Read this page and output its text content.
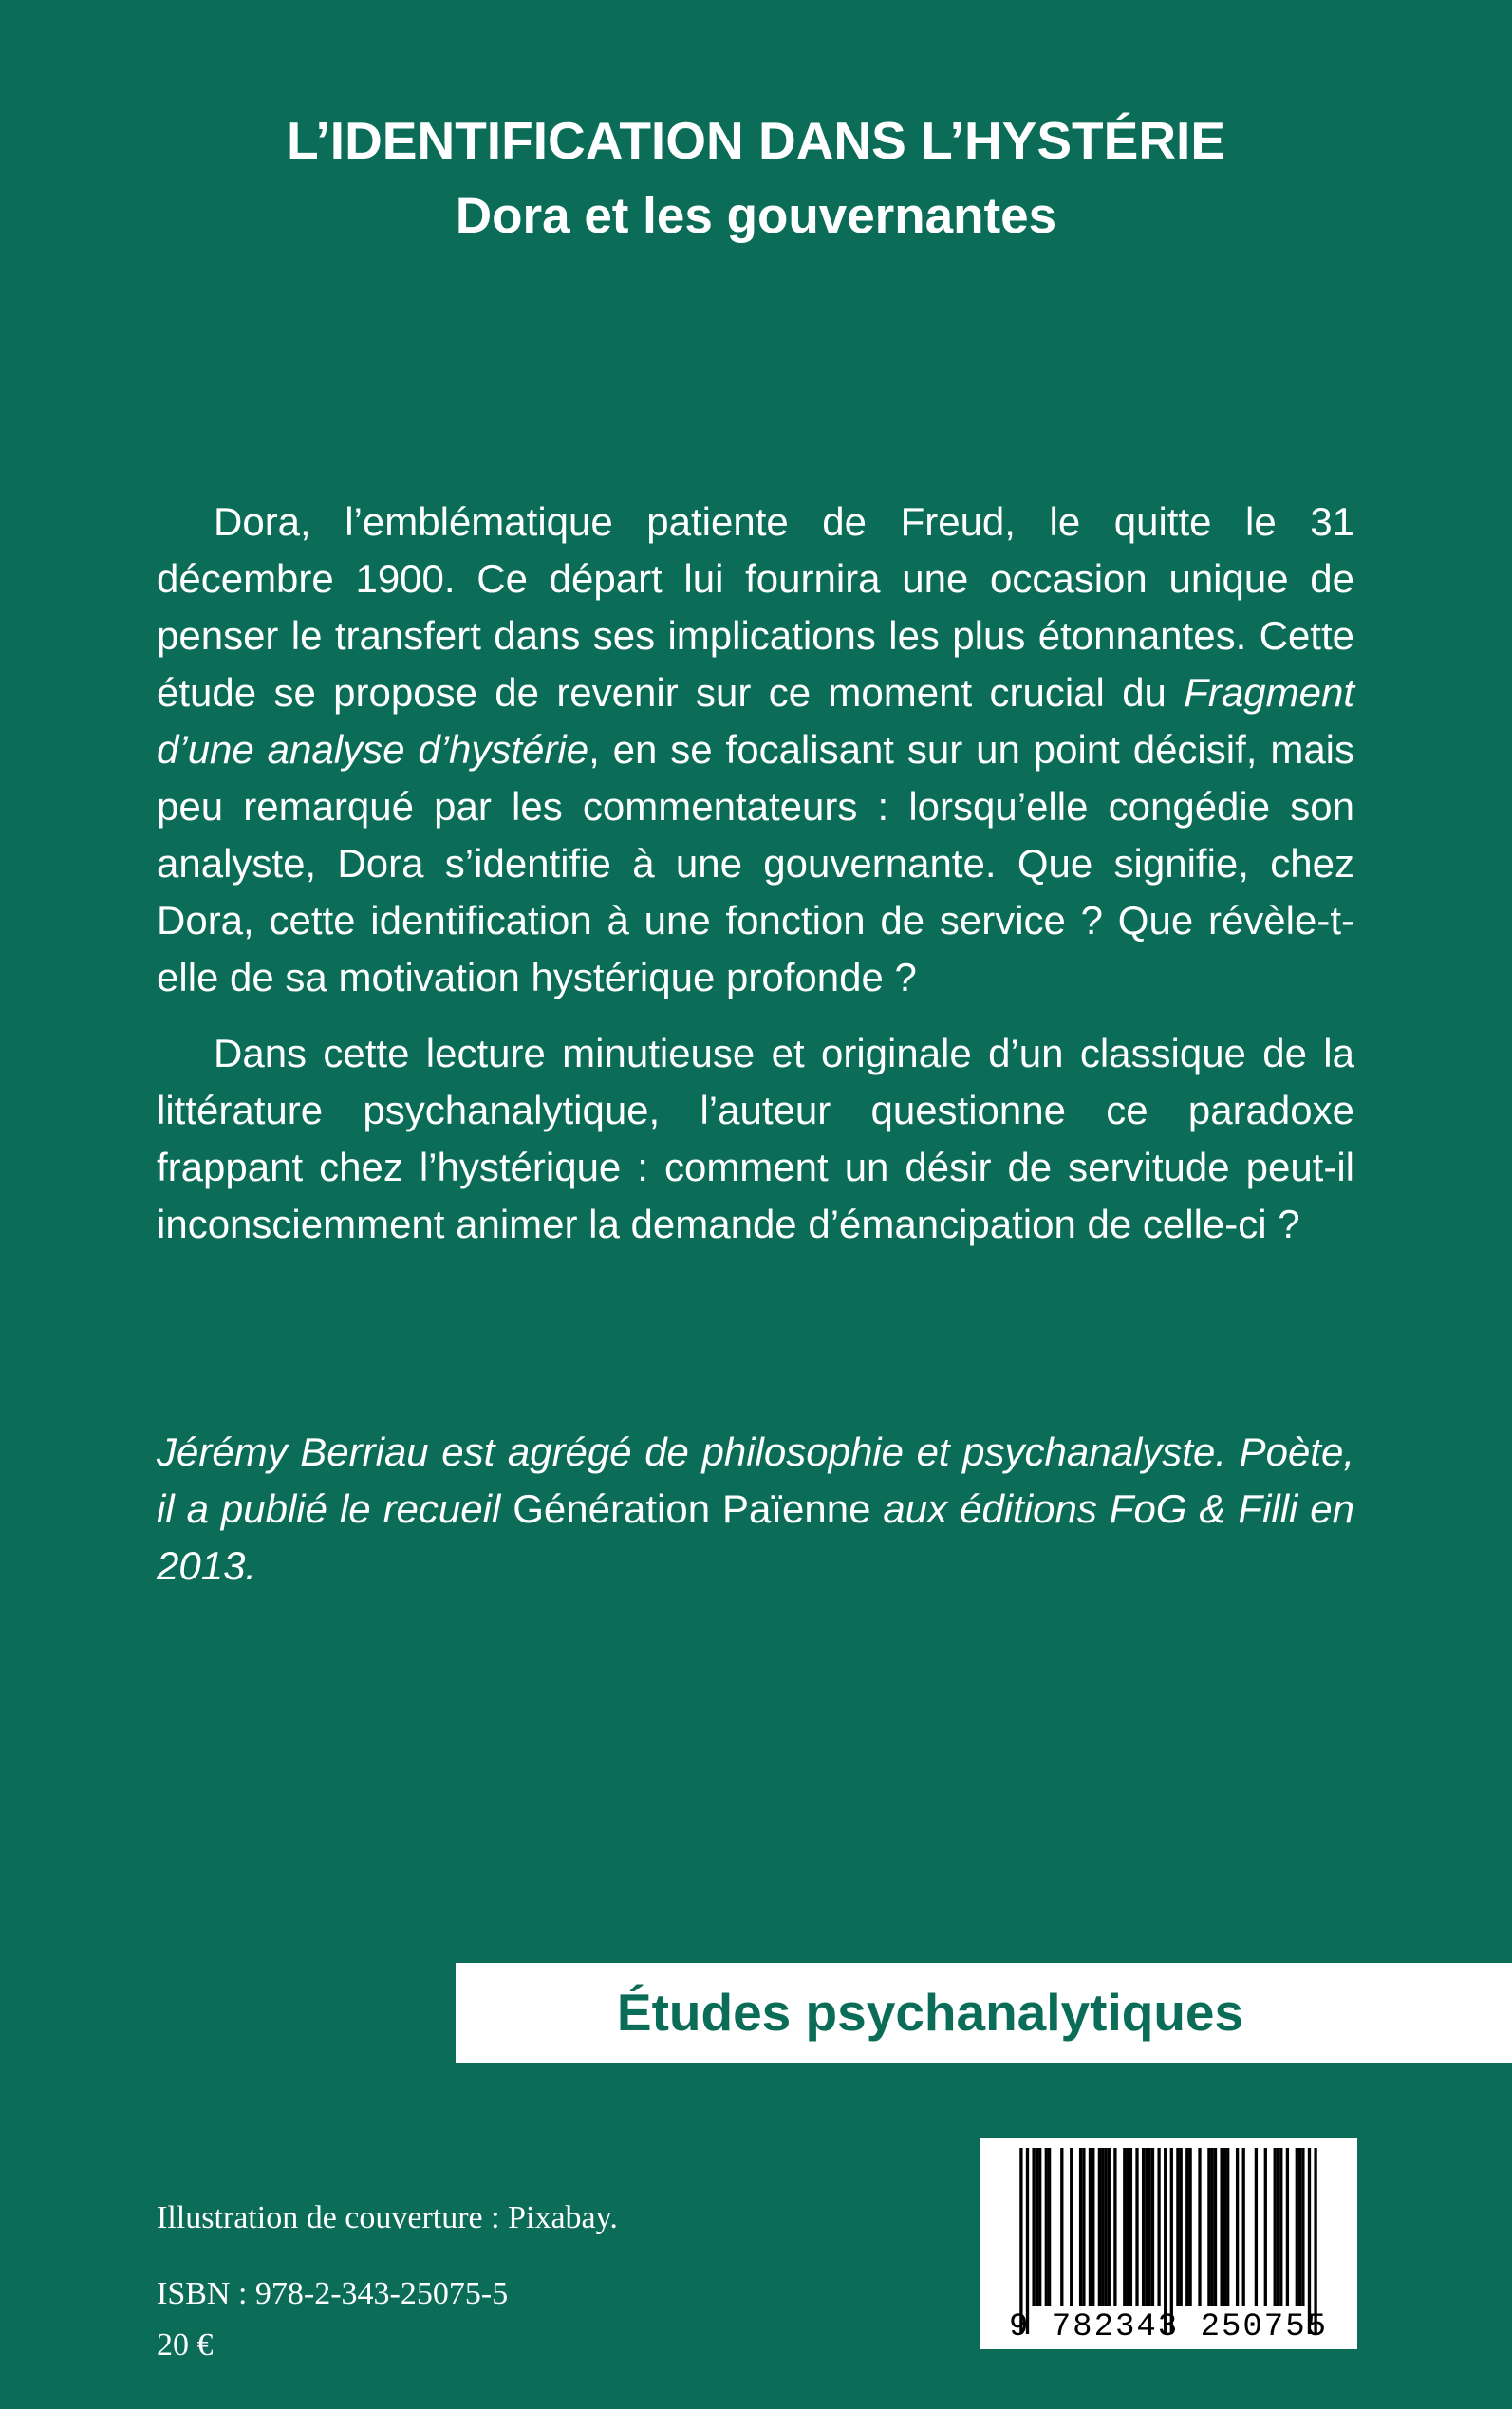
L’IDENTIFICATION DANS L’HYSTÉRIE
Dora et les gouvernantes

Dora, l’emblématique patiente de Freud, le quitte le 31 décembre 1900. Ce départ lui fournira une occasion unique de penser le transfert dans ses implications les plus étonnantes. Cette étude se propose de revenir sur ce moment crucial du Fragment d’une analyse d’hystérie, en se focalisant sur un point décisif, mais peu remarqué par les commentateurs : lorsqu’elle congédie son analyste, Dora s’identifie à une gouvernante. Que signifie, chez Dora, cette identification à une fonction de service ? Que révèle-t-elle de sa motivation hystérique profonde ?

Dans cette lecture minutieuse et originale d’un classique de la littérature psychanalytique, l’auteur questionne ce paradoxe frappant chez l’hystérique : comment un désir de servitude peut-il inconsciemment animer la demande d’émancipation de celle-ci ?

Jérémy Berriau est agrégé de philosophie et psychanalyste. Poète, il a publié le recueil Génération Païenne aux éditions FoG & Filli en 2013.

Études psychanalytiques

Illustration de couverture : Pixabay.
ISBN : 978-2-343-25075-5
20 €	9 782343 250755
